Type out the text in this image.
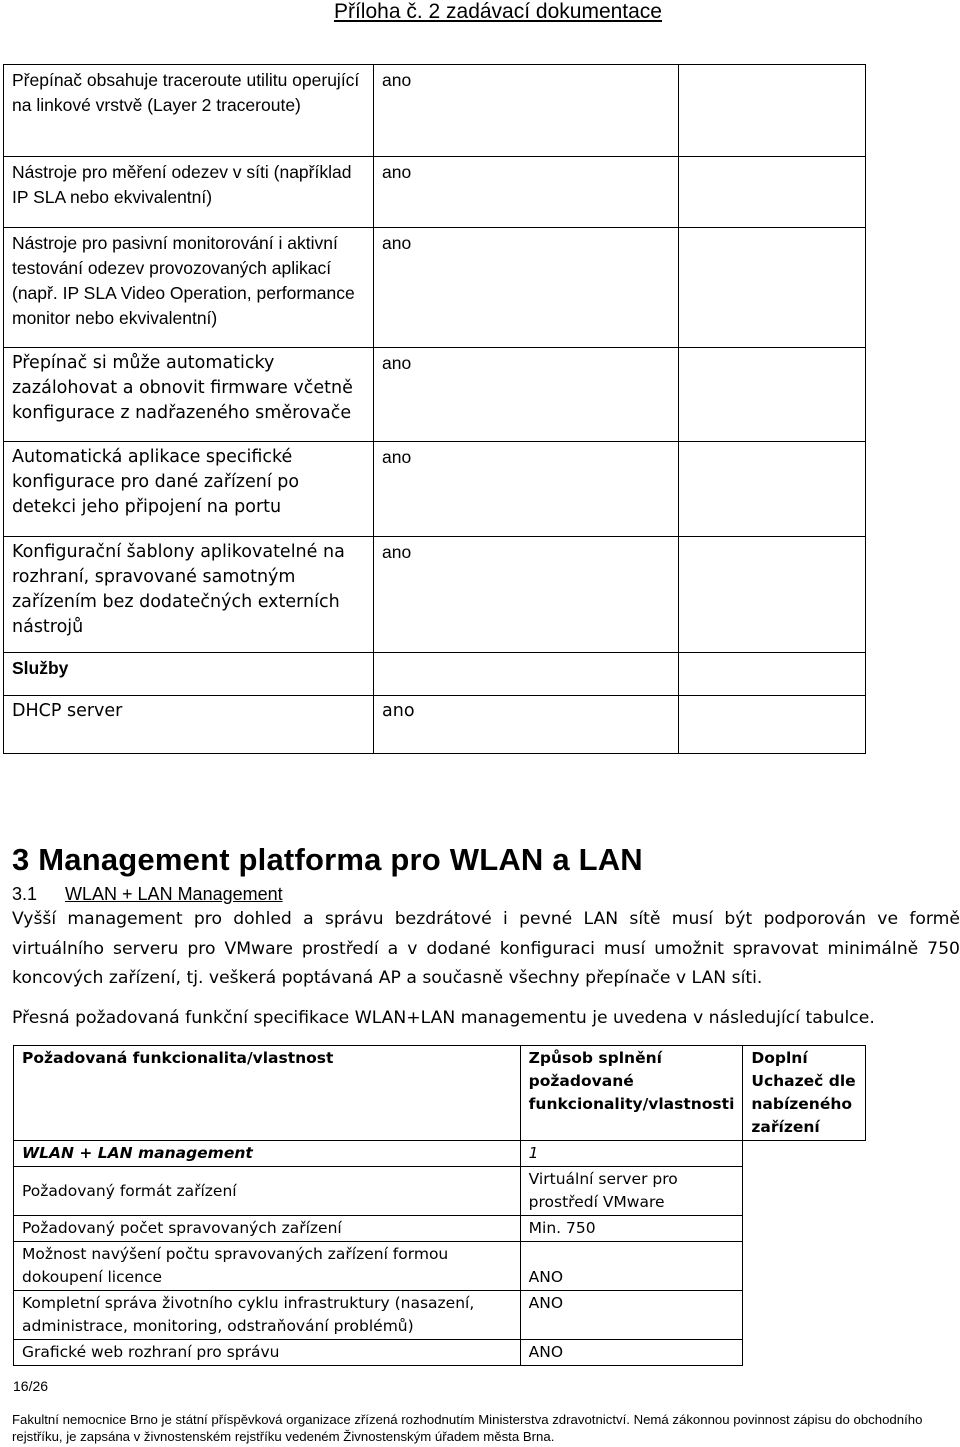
Příloha č. 2 zadávací dokumentace
Přepínač obsahuje traceroute utilitu operující na linkové vrstvě (Layer 2 traceroute)	ano	
Nástroje pro měření odezev v síti (například IP SLA nebo ekvivalentní)	ano	
Nástroje pro pasivní monitorování i aktivní testování odezev provozovaných aplikací (např. IP SLA Video Operation, performance monitor nebo ekvivalentní)	ano	
Přepínač si může automaticky zazálohovat a obnovit firmware včetně konfigurace z nadřazeného směrovače	ano	
Automatická aplikace specifické konfigurace pro dané zařízení po detekci jeho připojení na portu	ano	
Konfigurační šablony aplikovatelné na rozhraní, spravované samotným zařízením bez dodatečných externích nástrojů	ano	
Služby		
DHCP server	ano	
3 Management platforma pro WLAN a LAN
3.1 WLAN + LAN Management
Vyšší management pro dohled a správu bezdrátové i pevné LAN sítě musí být podporován ve formě virtuálního serveru pro VMware prostředí a v dodané konfiguraci musí umožnit spravovat minimálně 750 koncových zařízení, tj. veškerá poptávaná AP a současně všechny přepínače v LAN síti.
Přesná požadovaná funkční specifikace WLAN+LAN managementu je uvedena v následující tabulce.
Požadovaná funkcionalita/vlastnost	Způsob splnění požadované funkcionality/vlastnosti	Doplní Uchazeč dle nabízeného zařízení
WLAN + LAN management	1	
Požadovaný formát zařízení	Virtuální server pro prostředí VMware	
Požadovaný počet spravovaných zařízení	Min. 750	
Možnost navýšení počtu spravovaných zařízení formou dokoupení licence	ANO	
Kompletní správa životního cyklu infrastruktury (nasazení, administrace, monitoring, odstraňování problémů)	ANO	
Grafické web rozhraní pro správu	ANO	
16/26
Fakultní nemocnice Brno je státní příspěvková organizace zřízená rozhodnutím Ministerstva zdravotnictví. Nemá zákonnou povinnost zápisu do obchodního rejstříku, je zapsána v živnostenském rejstříku vedeném Živnostenským úřadem města Brna.
